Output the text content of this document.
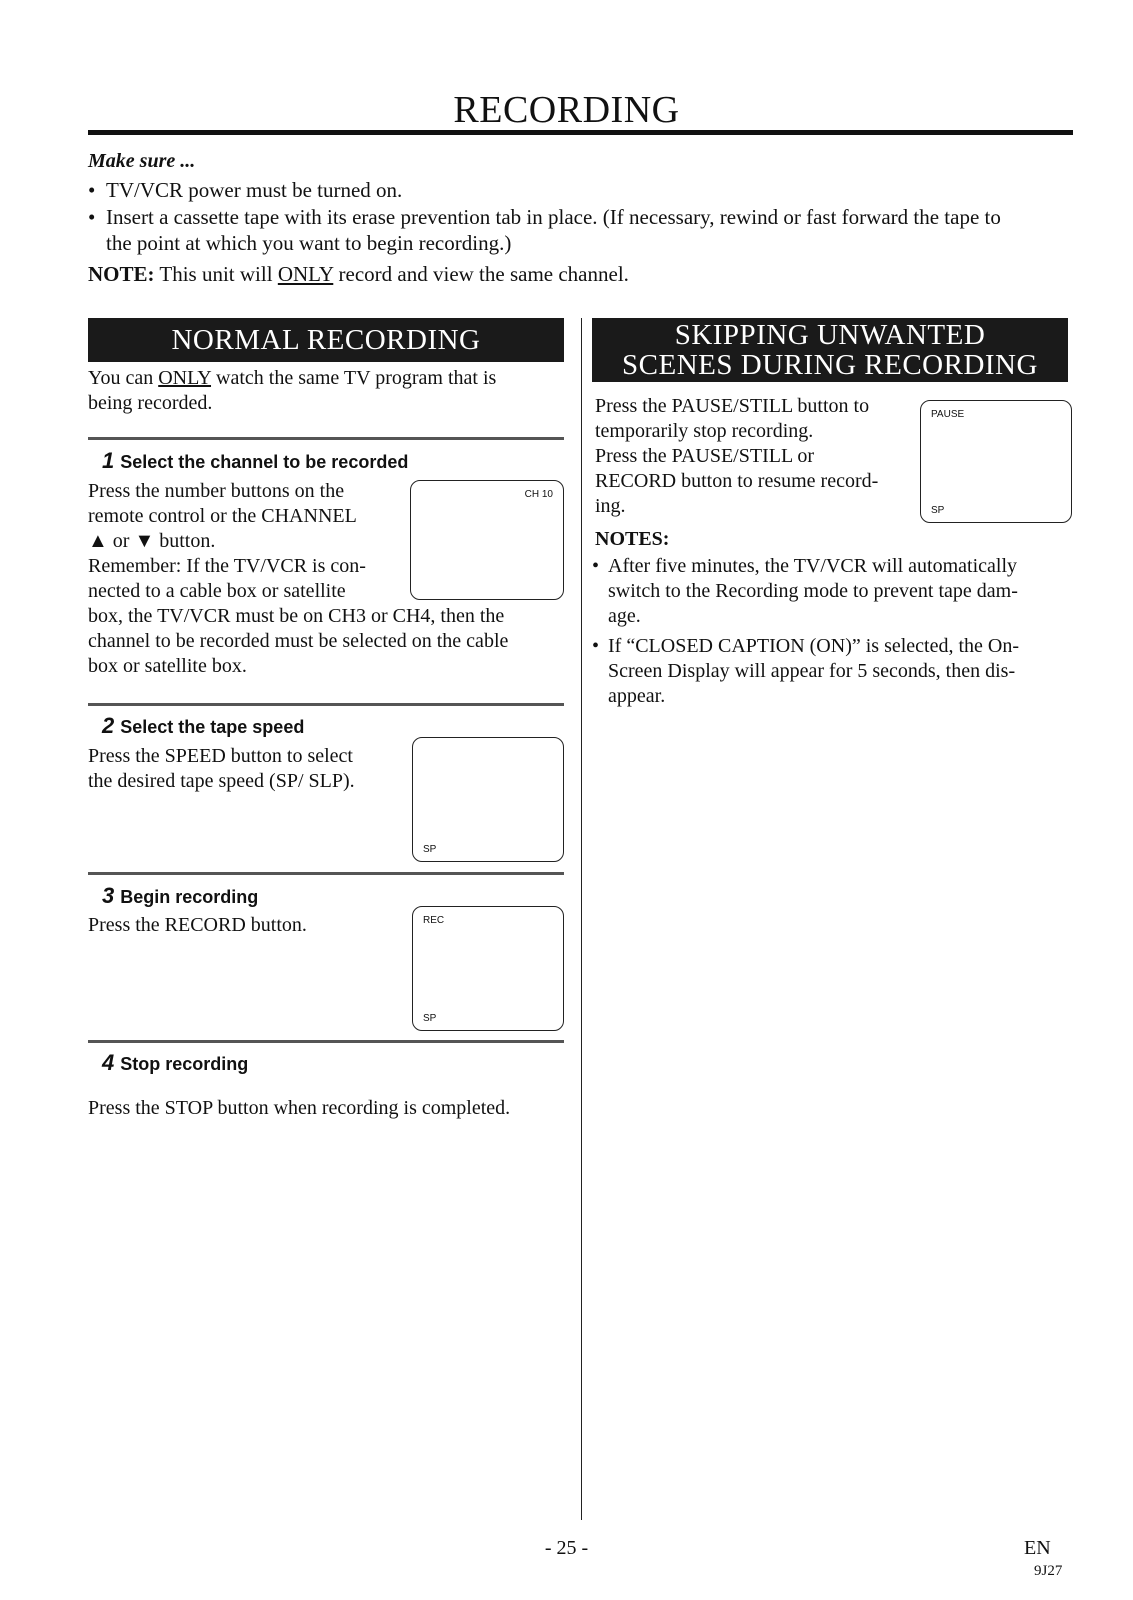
RECORDING
Make sure ...
• TV/VCR power must be turned on.
• Insert a cassette tape with its erase prevention tab in place. (If necessary, rewind or fast forward the tape to
the point at which you want to begin recording.)
NOTE: This unit will ONLY record and view the same channel.
NORMAL RECORDING
You can ONLY watch the same TV program that is
being recorded.
1 Select the channel to be recorded
Press the number buttons on the
remote control or the CHANNEL
▲ or ▼ button.
Remember: If the TV/VCR is con-
nected to a cable box or satellite
box, the TV/VCR must be on CH3 or CH4, then the
channel to be recorded must be selected on the cable
box or satellite box.
CH 10
2 Select the tape speed
Press the SPEED button to select
the desired tape speed (SP/ SLP).
SP
3 Begin recording
Press the RECORD button.	REC
SP
4 Stop recording
Press the STOP button when recording is completed.
SKIPPING UNWANTED
SCENES DURING RECORDING
Press the PAUSE/STILL button to
temporarily stop recording.
Press the PAUSE/STILL or
RECORD button to resume record-
ing.
PAUSE
SP
NOTES:
• After five minutes, the TV/VCR will automatically
switch to the Recording mode to prevent tape dam-
age.
• If “CLOSED CAPTION (ON)” is selected, the On-
Screen Display will appear for 5 seconds, then dis-
appear.
- 25 -	EN
9J27
